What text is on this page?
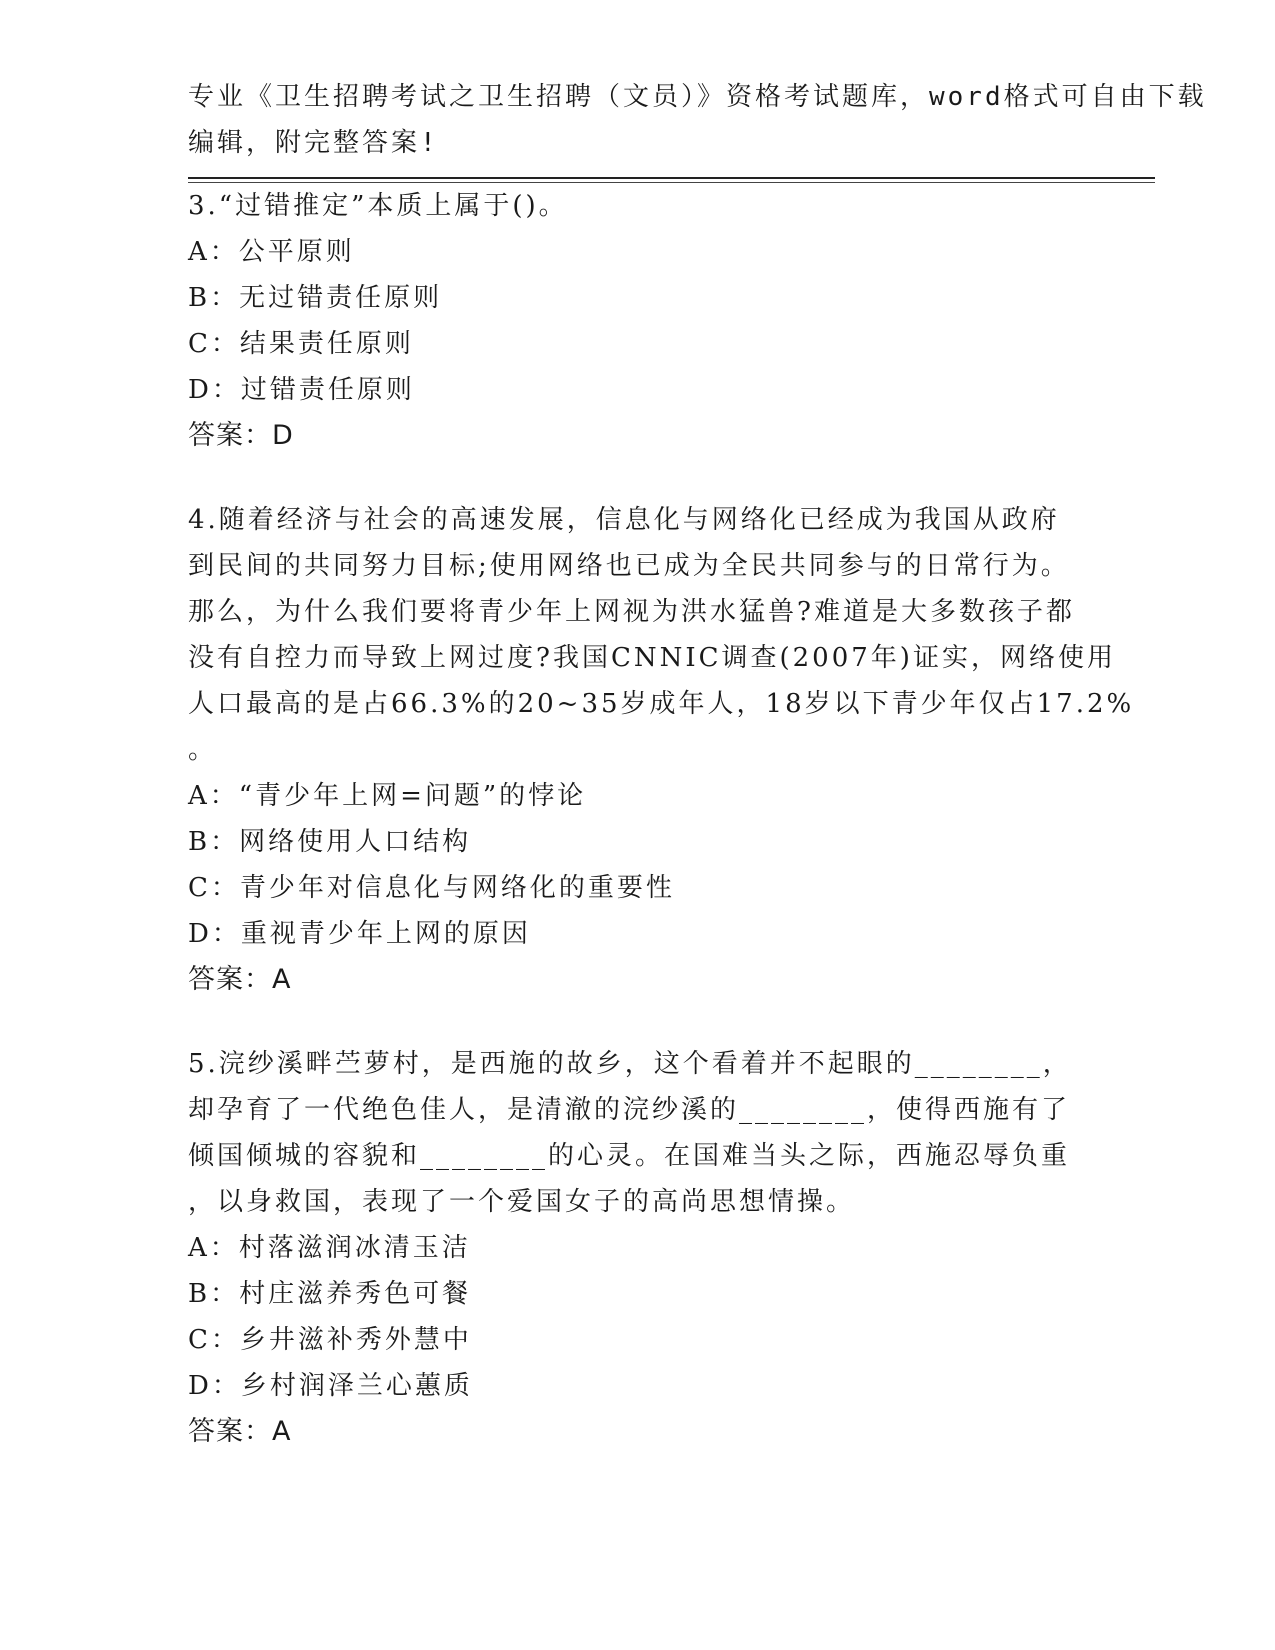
专业《卫生招聘考试之卫生招聘（文员）》资格考试题库，word格式可自由下载
编辑，附完整答案!
3.“过错推定”本质上属于()。
A：公平原则
B：无过错责任原则
C：结果责任原则
D：过错责任原则
答案：D
4.随着经济与社会的高速发展，信息化与网络化已经成为我国从政府
到民间的共同努力目标;使用网络也已成为全民共同参与的日常行为。
那么，为什么我们要将青少年上网视为洪水猛兽?难道是大多数孩子都
没有自控力而导致上网过度?我国CNNIC调查(2007年)证实，网络使用
人口最高的是占66.3%的20~35岁成年人，18岁以下青少年仅占17.2%
。
A：“青少年上网=问题”的悖论
B：网络使用人口结构
C：青少年对信息化与网络化的重要性
D：重视青少年上网的原因
答案：A
5.浣纱溪畔苎萝村，是西施的故乡，这个看着并不起眼的________，
却孕育了一代绝色佳人，是清澈的浣纱溪的________，使得西施有了
倾国倾城的容貌和________的心灵。在国难当头之际，西施忍辱负重
，以身救国，表现了一个爱国女子的高尚思想情操。
A：村落滋润冰清玉洁
B：村庄滋养秀色可餐
C：乡井滋补秀外慧中
D：乡村润泽兰心蕙质
答案：A
